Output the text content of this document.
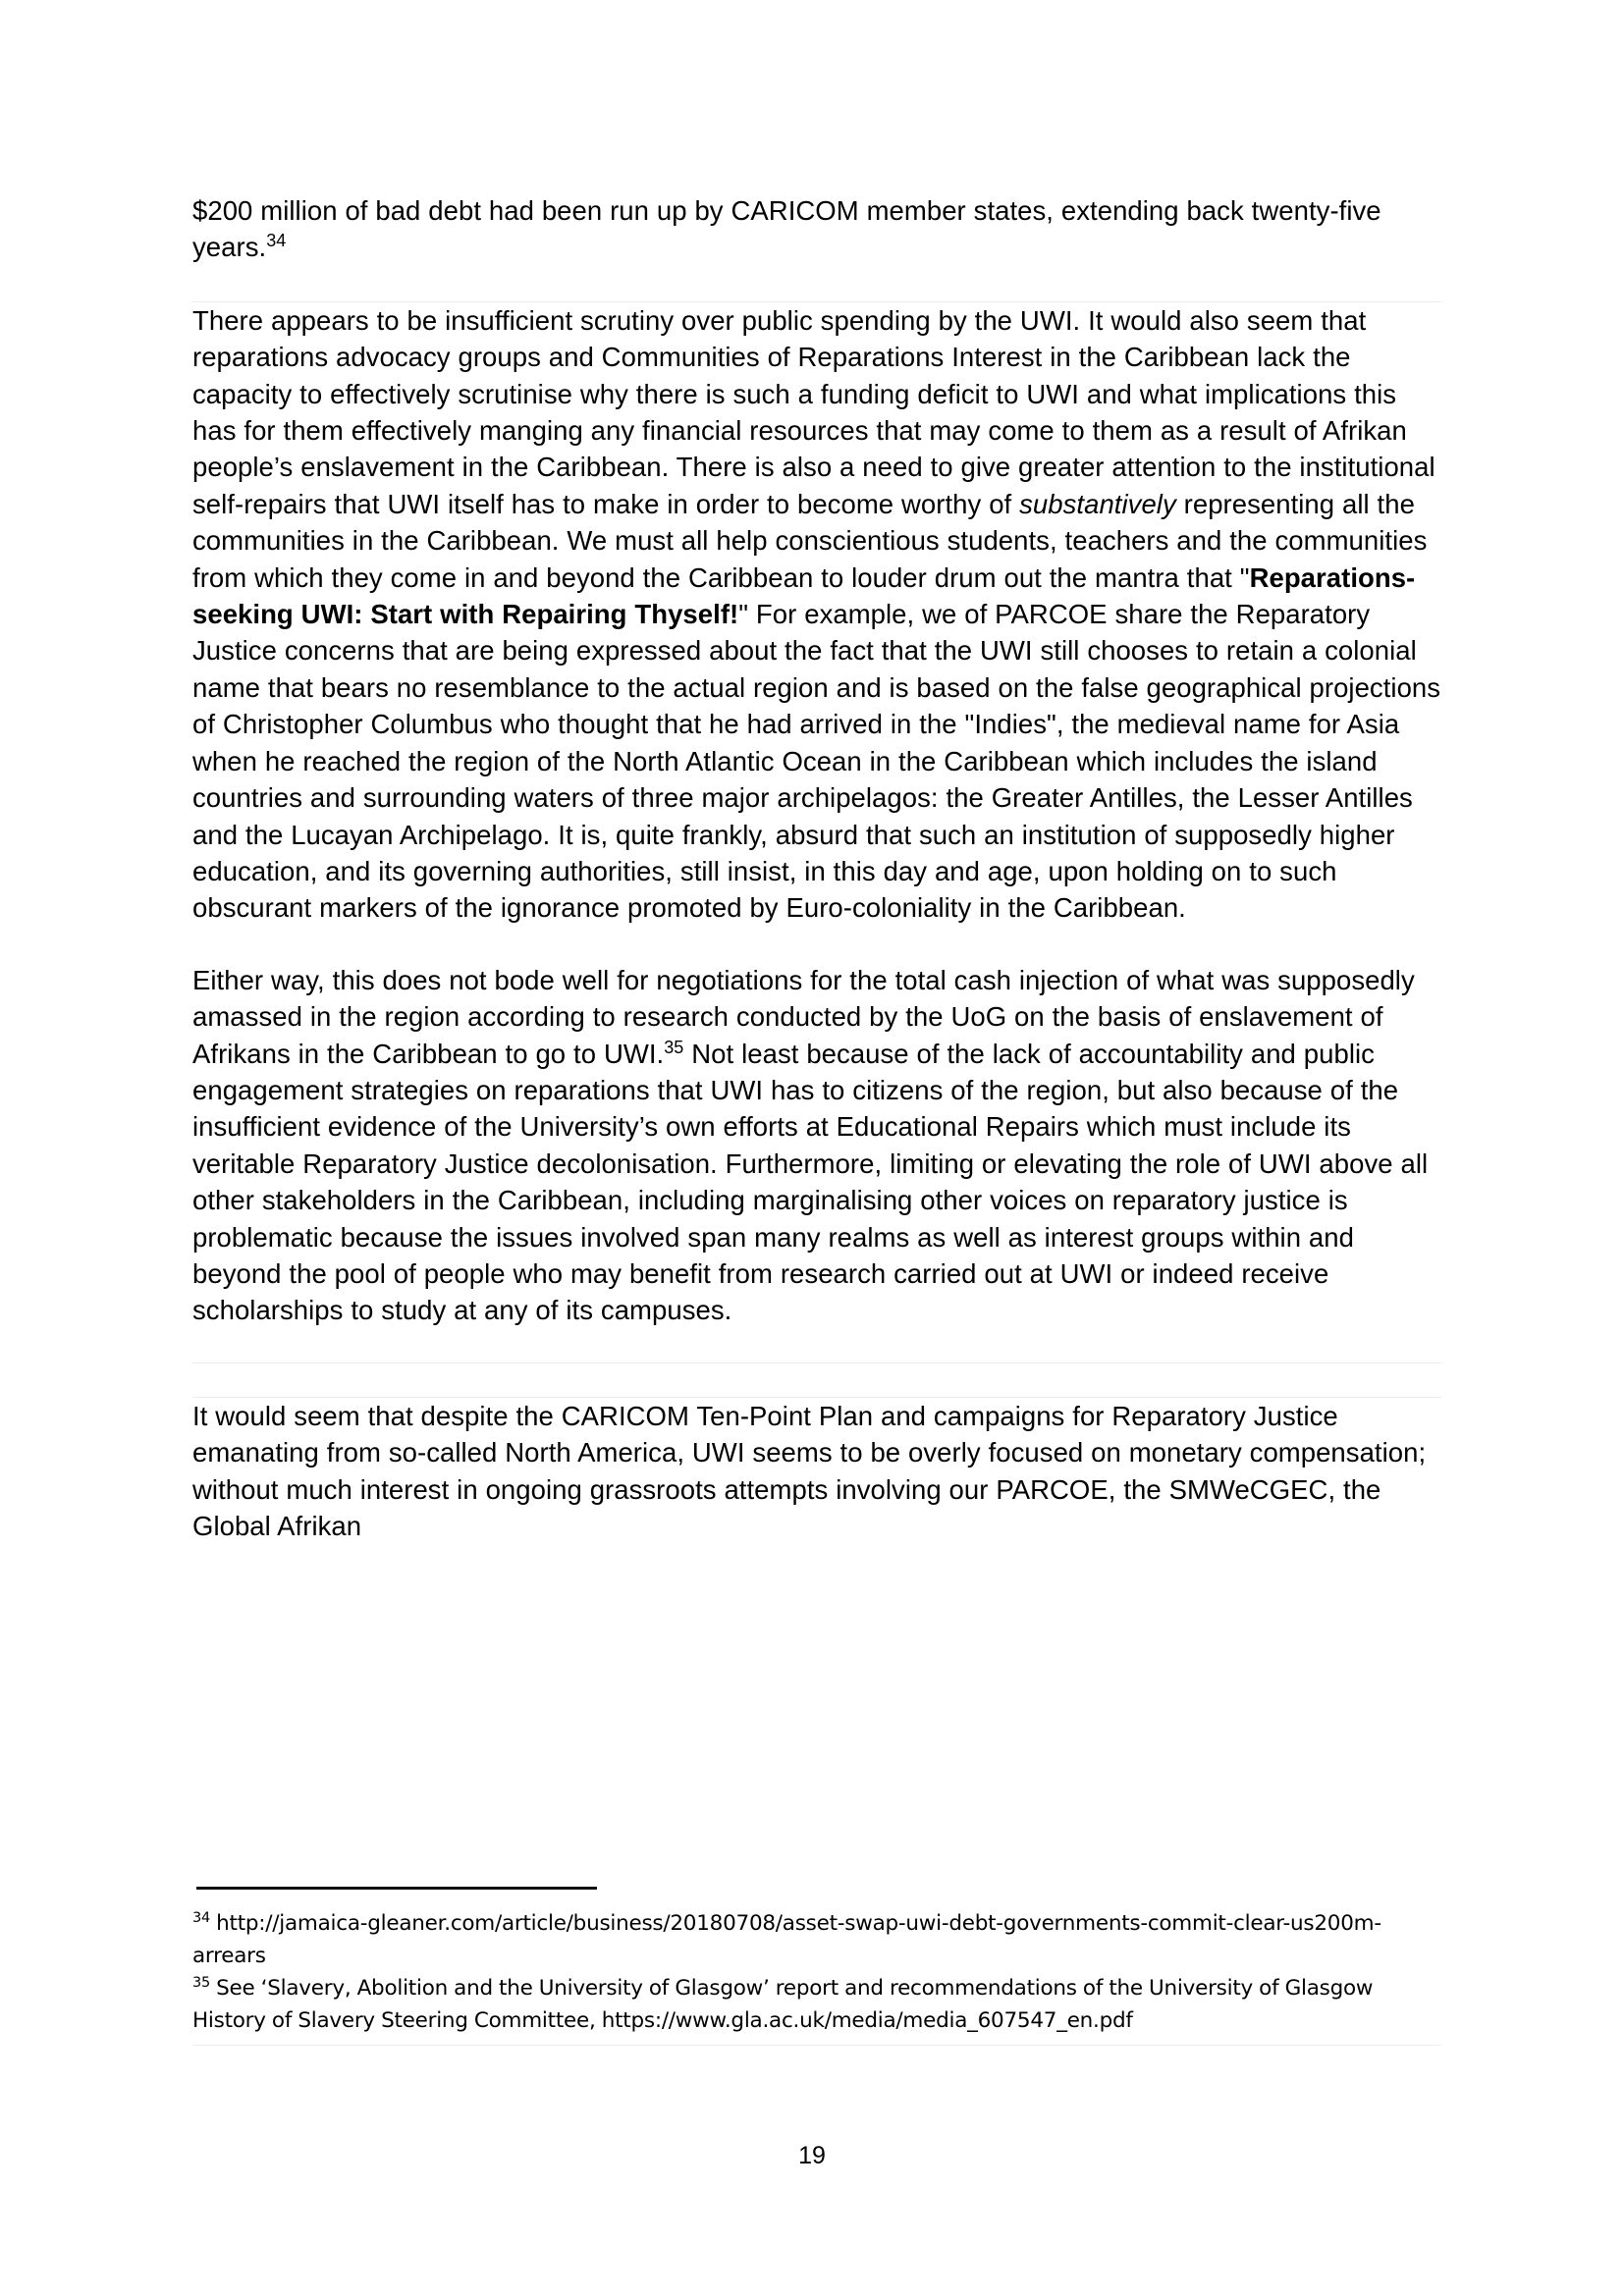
$200 million of bad debt had been run up by CARICOM member states, extending back twenty-five years.$^{34}$

There appears to be insufficient scrutiny over public spending by the UWI. It would also seem that reparations advocacy groups and Communities of Reparations Interest in the Caribbean lack the capacity to effectively scrutinise why there is such a funding deficit to UWI and what implications this has for them effectively manging any financial resources that may come to them as a result of Afrikan people’s enslavement in the Caribbean. There is also a need to give greater attention to the institutional self-repairs that UWI itself has to make in order to become worthy of substantively representing all the communities in the Caribbean. We must all help conscientious students, teachers and the communities from which they come in and beyond the Caribbean to louder drum out the mantra that "Reparations-seeking UWI: Start with Repairing Thyself!" For example, we of PARCOE share the Reparatory Justice concerns that are being expressed about the fact that the UWI still chooses to retain a colonial name that bears no resemblance to the actual region and is based on the false geographical projections of Christopher Columbus who thought that he had arrived in the "Indies", the medieval name for Asia when he reached the region of the North Atlantic Ocean in the Caribbean which includes the island countries and surrounding waters of three major archipelagos: the Greater Antilles, the Lesser Antilles and the Lucayan Archipelago. It is, quite frankly, absurd that such an institution of supposedly higher education, and its governing authorities, still insist, in this day and age, upon holding on to such obscurant markers of the ignorance promoted by Euro-coloniality in the Caribbean.

Either way, this does not bode well for negotiations for the total cash injection of what was supposedly amassed in the region according to research conducted by the UoG on the basis of enslavement of Afrikans in the Caribbean to go to UWI.$^{35}$ Not least because of the lack of accountability and public engagement strategies on reparations that UWI has to citizens of the region, but also because of the insufficient evidence of the University’s own efforts at Educational Repairs which must include its veritable Reparatory Justice decolonisation. Furthermore, limiting or elevating the role of UWI above all other stakeholders in the Caribbean, including marginalising other voices on reparatory justice is problematic because the issues involved span many realms as well as interest groups within and beyond the pool of people who may benefit from research carried out at UWI or indeed receive scholarships to study at any of its campuses.

It would seem that despite the CARICOM Ten-Point Plan and campaigns for Reparatory Justice emanating from so-called North America, UWI seems to be overly focused on monetary compensation; without much interest in ongoing grassroots attempts involving our PARCOE, the SMWeCGEC, the Global Afrikan

$^{34}$ http://jamaica-gleaner.com/article/business/20180708/asset-swap-uwi-debt-governments-commit-clear-us200m-arrears

$^{35}$ See ‘Slavery, Abolition and the University of Glasgow’ report and recommendations of the University of Glasgow History of Slavery Steering Committee, https://www.gla.ac.uk/media/media_607547_en.pdf

19
